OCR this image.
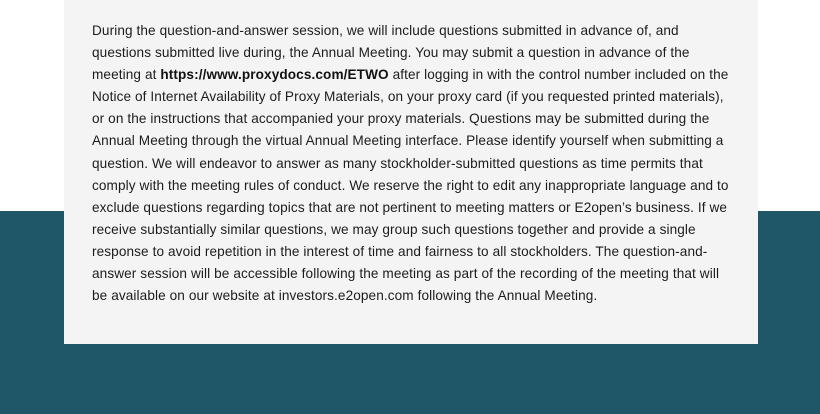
During the question-and-answer session, we will include questions submitted in advance of, and questions submitted live during, the Annual Meeting. You may submit a question in advance of the meeting at https://www.proxydocs.com/ETWO after logging in with the control number included on the Notice of Internet Availability of Proxy Materials, on your proxy card (if you requested printed materials), or on the instructions that accompanied your proxy materials. Questions may be submitted during the Annual Meeting through the virtual Annual Meeting interface. Please identify yourself when submitting a question. We will endeavor to answer as many stockholder-submitted questions as time permits that comply with the meeting rules of conduct. We reserve the right to edit any inappropriate language and to exclude questions regarding topics that are not pertinent to meeting matters or E2open’s business. If we receive substantially similar questions, we may group such questions together and provide a single response to avoid repetition in the interest of time and fairness to all stockholders. The question-and-answer session will be accessible following the meeting as part of the recording of the meeting that will be available on our website at investors.e2open.com following the Annual Meeting.
